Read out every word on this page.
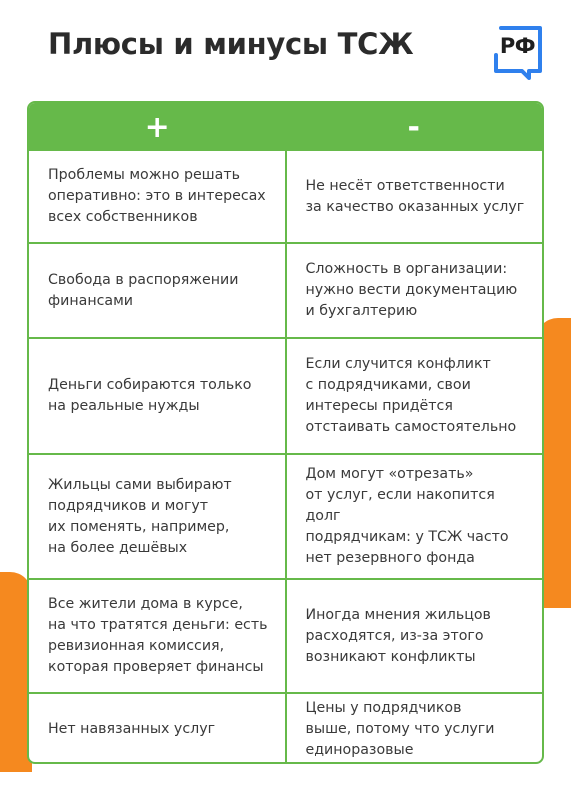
Плюсы и минусы ТСЖ	РФ
+	-
Проблемы можно решать
оперативно: это в интересах
всех собственников
Не несёт ответственности
за качество оказанных услуг
Свобода в распоряжении
финансами
Сложность в организации:
нужно вести документацию
и бухгалтерию
Деньги собираются только
на реальные нужды
Если случится конфликт
с подрядчиками, свои
интересы придётся
отстаивать самостоятельно
Жильцы сами выбирают
подрядчиков и могут
их поменять, например,
на более дешёвых
Дом могут «отрезать»
от услуг, если накопится долг
подрядчикам: у ТСЖ часто
нет резервного фонда
Все жители дома в курсе,
на что тратятся деньги: есть
ревизионная комиссия,
которая проверяет финансы
Иногда мнения жильцов
расходятся, из-за этого
возникают конфликты
Нет навязанных услуг
Цены у подрядчиков
выше, потому что услуги
единоразовые
